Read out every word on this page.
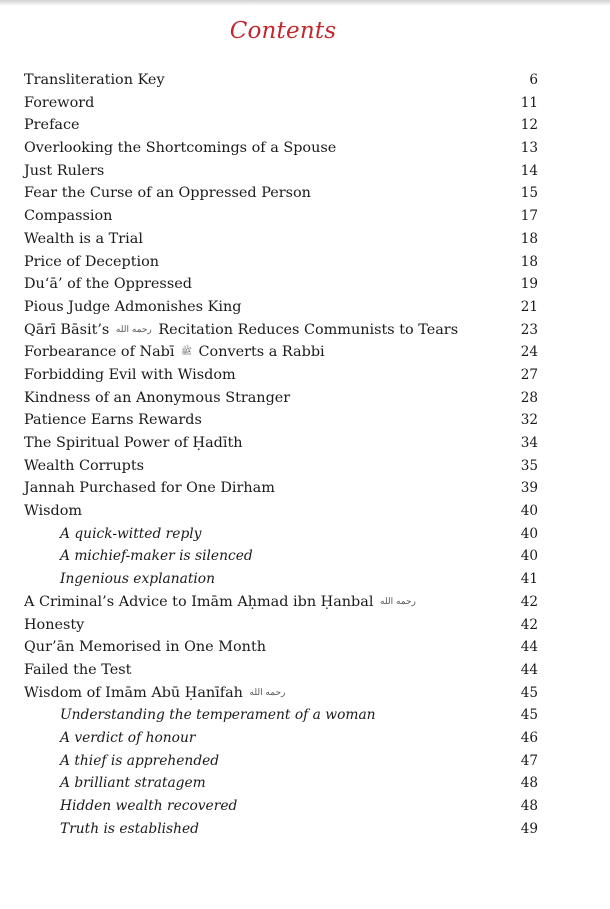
Contents
Transliteration Key	6
Foreword	11
Preface	12
Overlooking the Shortcomings of a Spouse	13
Just Rulers	14
Fear the Curse of an Oppressed Person	15
Compassion	17
Wealth is a Trial	18
Price of Deception	18
Du‘ā’ of the Oppressed	19
Pious Judge Admonishes King	21
Qārī Bāsit’s رحمه الله Recitation Reduces Communists to Tears	23
Forbearance of Nabī ﷺ Converts a Rabbi	24
Forbidding Evil with Wisdom	27
Kindness of an Anonymous Stranger	28
Patience Earns Rewards	32
The Spiritual Power of Ḥadīth	34
Wealth Corrupts	35
Jannah Purchased for One Dirham	39
Wisdom	40
A quick-witted reply	40
A michief-maker is silenced	40
Ingenious explanation	41
A Criminal’s Advice to Imām Aḥmad ibn Ḥanbal رحمه الله	42
Honesty	42
Qur’ān Memorised in One Month	44
Failed the Test	44
Wisdom of Imām Abū Ḥanīfah رحمه الله	45
Understanding the temperament of a woman	45
A verdict of honour	46
A thief is apprehended	47
A brilliant stratagem	48
Hidden wealth recovered	48
Truth is established	49
